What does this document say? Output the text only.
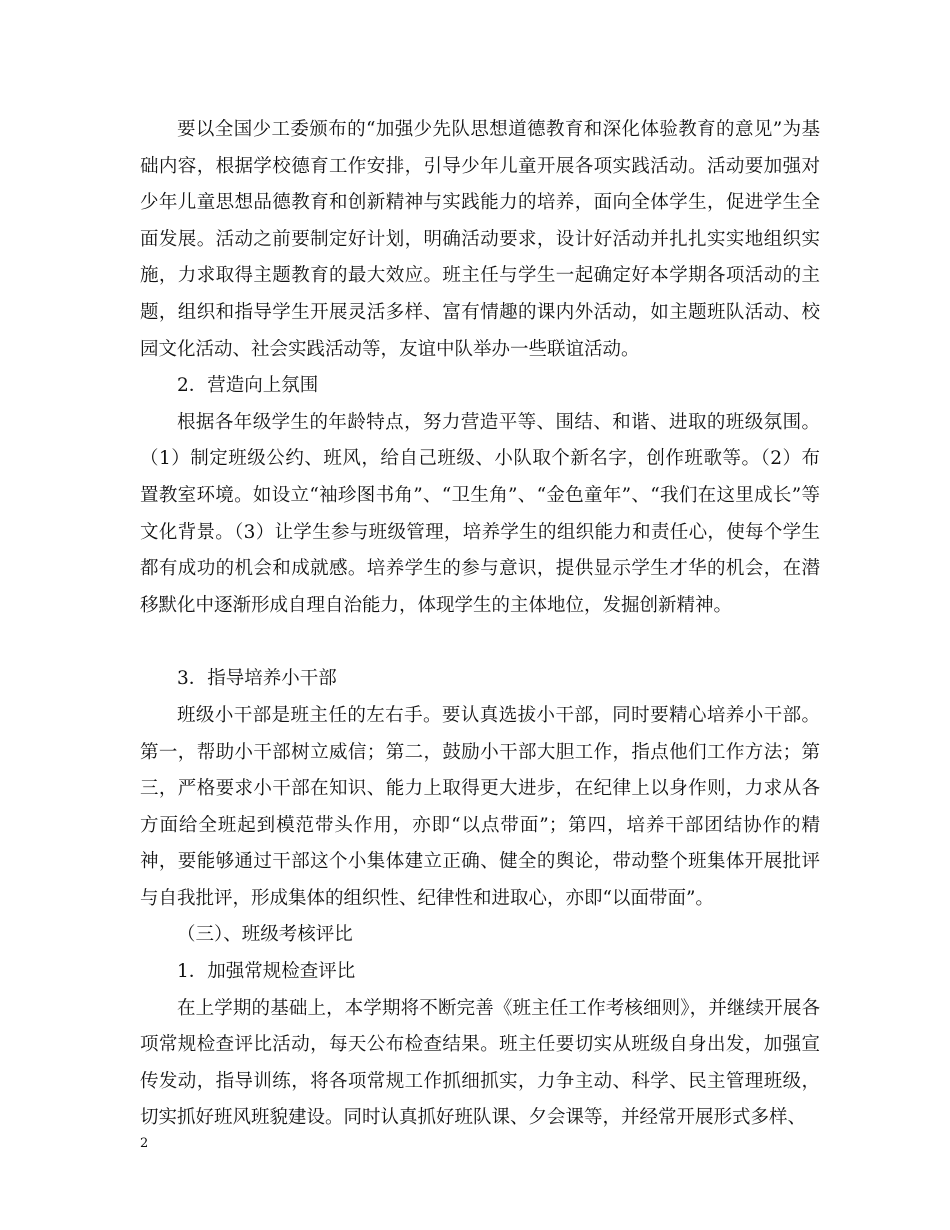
要以全国少工委颁布的“加强少先队思想道德教育和深化体验教育的意见”为基础内容，根据学校德育工作安排，引导少年儿童开展各项实践活动。活动要加强对少年儿童思想品德教育和创新精神与实践能力的培养，面向全体学生，促进学生全面发展。活动之前要制定好计划，明确活动要求，设计好活动并扎扎实实地组织实施，力求取得主题教育的最大效应。班主任与学生一起确定好本学期各项活动的主题，组织和指导学生开展灵活多样、富有情趣的课内外活动，如主题班队活动、校园文化活动、社会实践活动等，友谊中队举办一些联谊活动。

2．营造向上氛围

根据各年级学生的年龄特点，努力营造平等、围结、和谐、进取的班级氛围。（1）制定班级公约、班风，给自己班级、小队取个新名字，创作班歌等。（2）布置教室环境。如设立“袖珍图书角”、“卫生角”、“金色童年”、“我们在这里成长”等文化背景。（3）让学生参与班级管理，培养学生的组织能力和责任心，使每个学生都有成功的机会和成就感。培养学生的参与意识，提供显示学生才华的机会，在潜移默化中逐渐形成自理自治能力，体现学生的主体地位，发掘创新精神。

3．指导培养小干部

班级小干部是班主任的左右手。要认真选拔小干部，同时要精心培养小干部。第一，帮助小干部树立威信；第二，鼓励小干部大胆工作，指点他们工作方法；第三，严格要求小干部在知识、能力上取得更大进步，在纪律上以身作则，力求从各方面给全班起到模范带头作用，亦即“以点带面”；第四，培养干部团结协作的精神，要能够通过干部这个小集体建立正确、健全的舆论，带动整个班集体开展批评与自我批评，形成集体的组织性、纪律性和进取心，亦即“以面带面”。

（三）、班级考核评比

1．加强常规检查评比

在上学期的基础上，本学期将不断完善《班主任工作考核细则》，并继续开展各项常规检查评比活动，每天公布检查结果。班主任要切实从班级自身出发，加强宣传发动，指导训练，将各项常规工作抓细抓实，力争主动、科学、民主管理班级，切实抓好班风班貌建设。同时认真抓好班队课、夕会课等，并经常开展形式多样、

2
